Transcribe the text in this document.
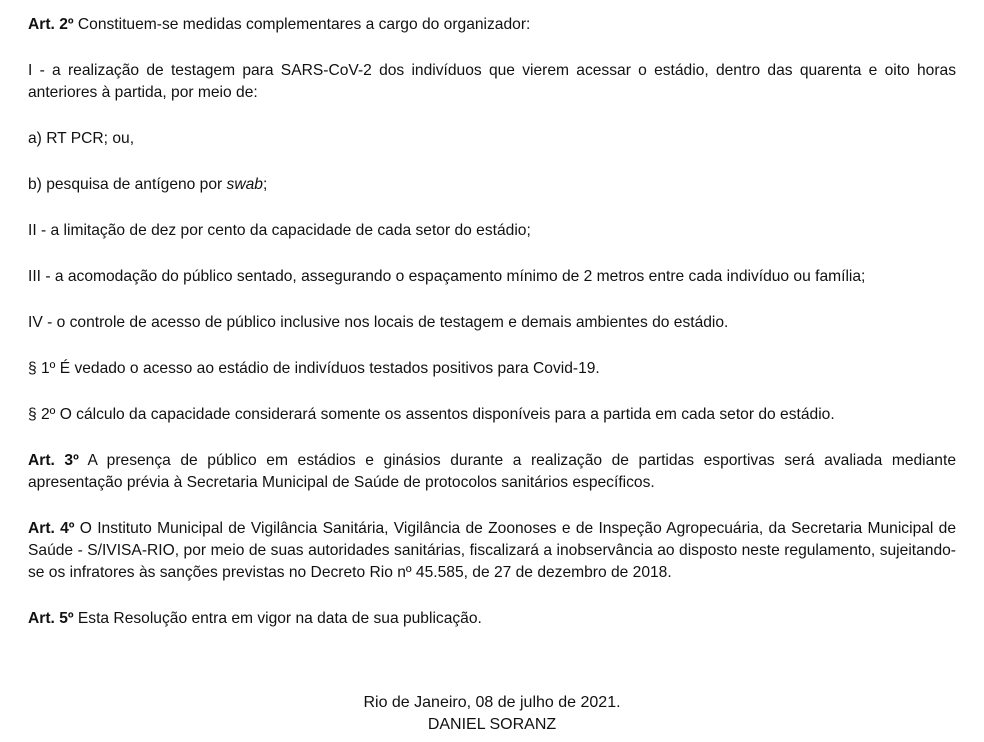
Art. 2º Constituem-se medidas complementares a cargo do organizador:

I - a realização de testagem para SARS-CoV-2 dos indivíduos que vierem acessar o estádio, dentro das quarenta e oito horas anteriores à partida, por meio de:

a) RT PCR; ou,

b) pesquisa de antígeno por swab;

II - a limitação de dez por cento da capacidade de cada setor do estádio;

III - a acomodação do público sentado, assegurando o espaçamento mínimo de 2 metros entre cada indivíduo ou família;

IV - o controle de acesso de público inclusive nos locais de testagem e demais ambientes do estádio.

§ 1º É vedado o acesso ao estádio de indivíduos testados positivos para Covid-19.

§ 2º O cálculo da capacidade considerará somente os assentos disponíveis para a partida em cada setor do estádio.

Art. 3º A presença de público em estádios e ginásios durante a realização de partidas esportivas será avaliada mediante apresentação prévia à Secretaria Municipal de Saúde de protocolos sanitários específicos.

Art. 4º O Instituto Municipal de Vigilância Sanitária, Vigilância de Zoonoses e de Inspeção Agropecuária, da Secretaria Municipal de Saúde - S/IVISA-RIO, por meio de suas autoridades sanitárias, fiscalizará a inobservância ao disposto neste regulamento, sujeitando-se os infratores às sanções previstas no Decreto Rio nº 45.585, de 27 de dezembro de 2018.

Art. 5º Esta Resolução entra em vigor na data de sua publicação.

Rio de Janeiro, 08 de julho de 2021.

DANIEL SORANZ
